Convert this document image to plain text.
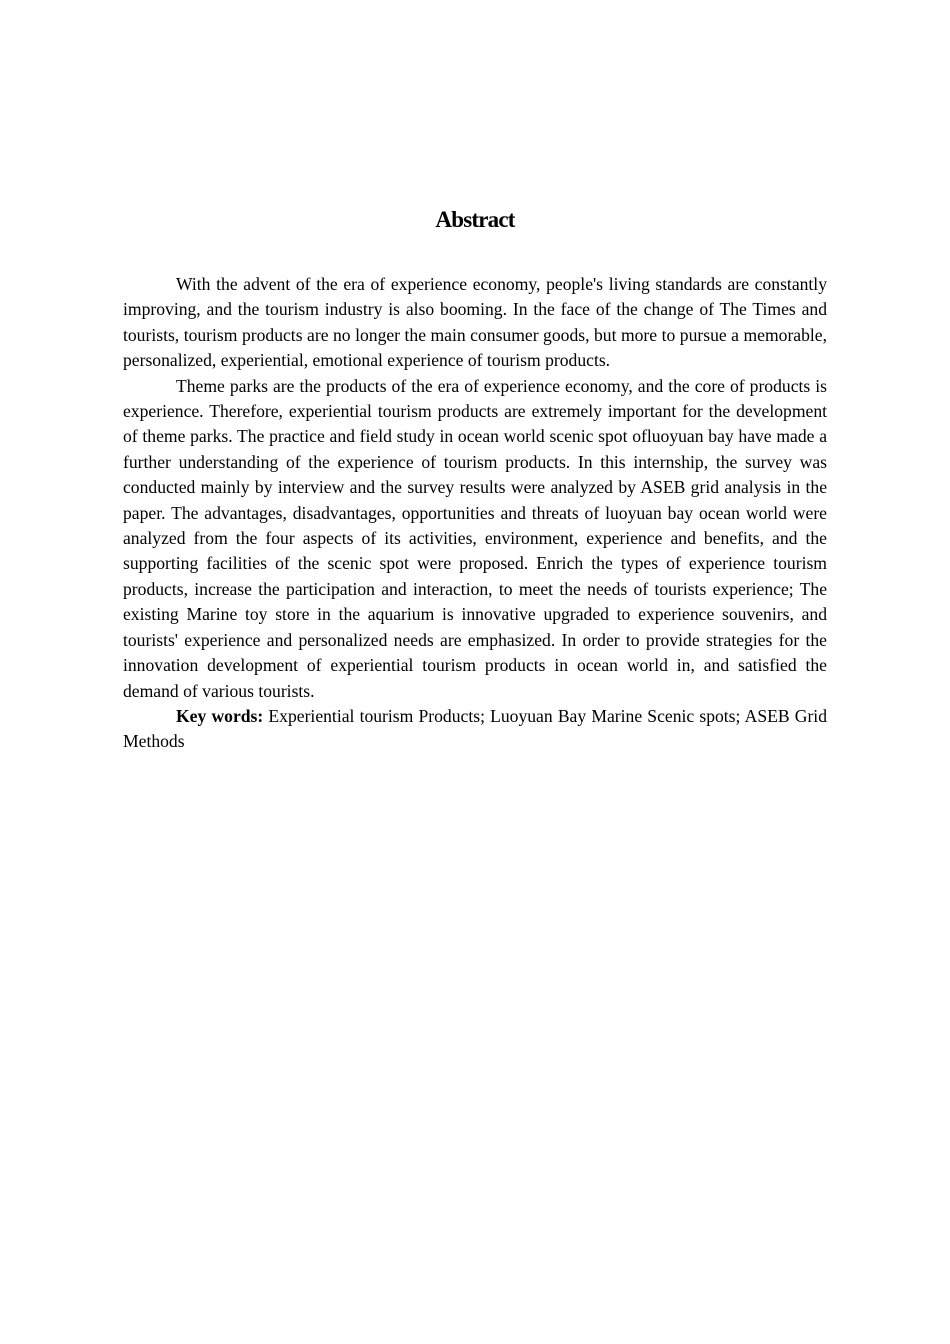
Abstract

With the advent of the era of experience economy, people's living standards are constantly improving, and the tourism industry is also booming. In the face of the change of The Times and tourists, tourism products are no longer the main consumer goods, but more to pursue a memorable, personalized, experiential, emotional experience of tourism products.

Theme parks are the products of the era of experience economy, and the core of products is experience. Therefore, experiential tourism products are extremely important for the development of theme parks. The practice and field study in ocean world scenic spot ofluoyuan bay have made a further understanding of the experience of tourism products. In this internship, the survey was conducted mainly by interview and the survey results were analyzed by ASEB grid analysis in the paper. The advantages, disadvantages, opportunities and threats of luoyuan bay ocean world were analyzed from the four aspects of its activities, environment, experience and benefits, and the supporting facilities of the scenic spot were proposed. Enrich the types of experience tourism products, increase the participation and interaction, to meet the needs of tourists experience; The existing Marine toy store in the aquarium is innovative upgraded to experience souvenirs, and tourists' experience and personalized needs are emphasized. In order to provide strategies for the innovation development of experiential tourism products in ocean world in, and satisfied the demand of various tourists.

Key words: Experiential tourism Products; Luoyuan Bay Marine Scenic spots; ASEB Grid Methods
